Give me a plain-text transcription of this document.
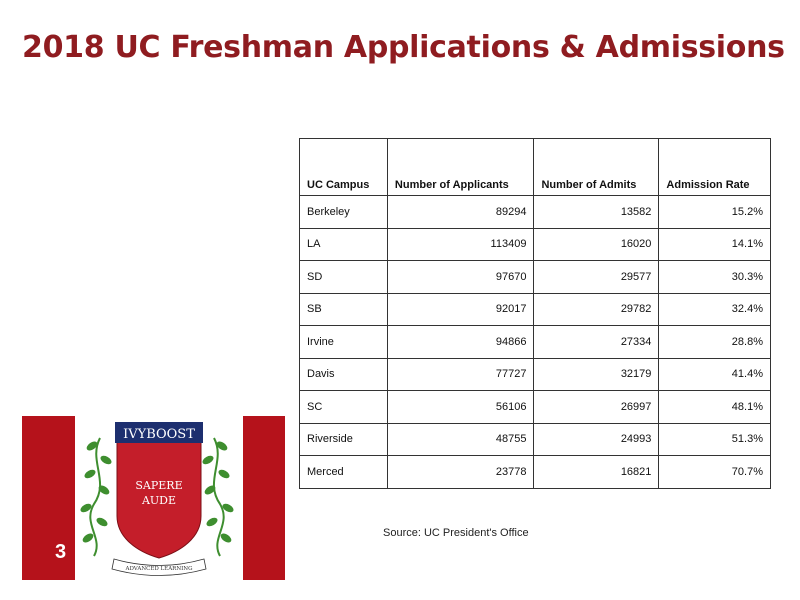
2018 UC Freshman Applications & Admissions
UC Campus	Number of Applicants	Number of Admits	Admission Rate
Berkeley	89294	13582	15.2%
LA	113409	16020	14.1%
SD	97670	29577	30.3%
SB	92017	29782	32.4%
Irvine	94866	27334	28.8%
Davis	77727	32179	41.4%
SC	56106	26997	48.1%
Riverside	48755	24993	51.3%
Merced	23778	16821	70.7%
Source: UC President's Office
IVYBOOST
SAPERE
AUDE
ADVANCED LEARNING
3
